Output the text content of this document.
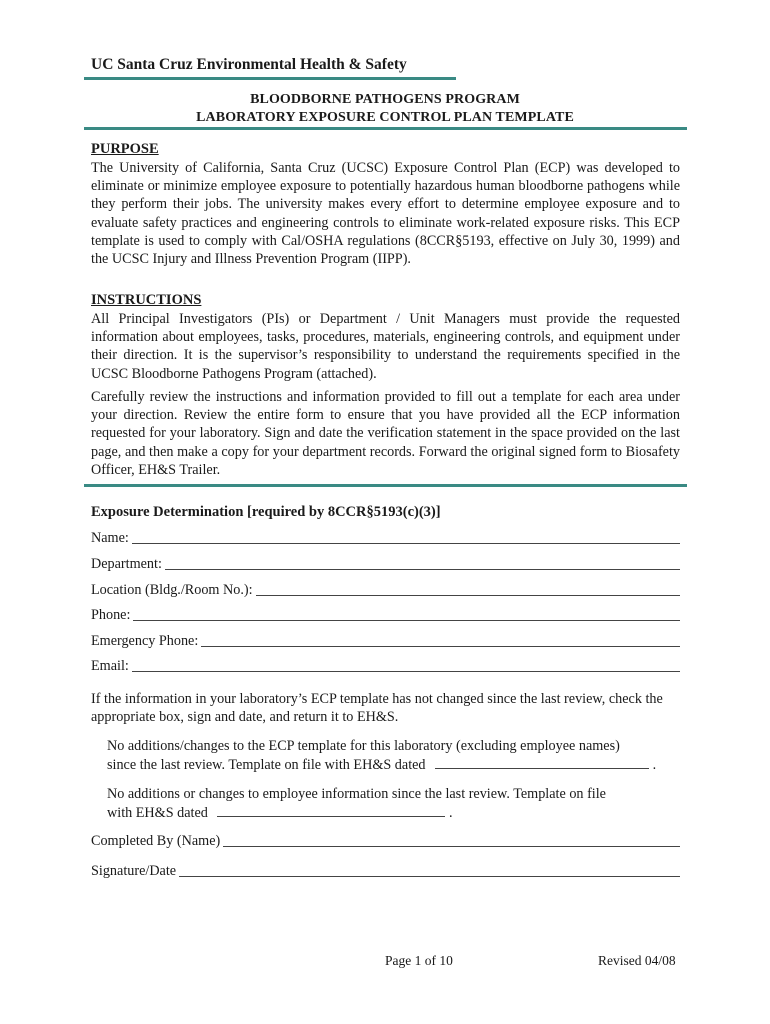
UC Santa Cruz Environmental Health & Safety
BLOODBORNE PATHOGENS PROGRAM
LABORATORY EXPOSURE CONTROL PLAN TEMPLATE
PURPOSE
The University of California, Santa Cruz (UCSC) Exposure Control Plan (ECP) was developed to eliminate or minimize employee exposure to potentially hazardous human bloodborne pathogens while they perform their jobs. The university makes every effort to determine employee exposure and to evaluate safety practices and engineering controls to eliminate work-related exposure risks. This ECP template is used to comply with Cal/OSHA regulations (8CCR§5193, effective on July 30, 1999) and the UCSC Injury and Illness Prevention Program (IIPP).
INSTRUCTIONS
All Principal Investigators (PIs) or Department / Unit Managers must provide the requested information about employees, tasks, procedures, materials, engineering controls, and equipment under their direction. It is the supervisor’s responsibility to understand the requirements specified in the UCSC Bloodborne Pathogens Program (attached).
Carefully review the instructions and information provided to fill out a template for each area under your direction. Review the entire form to ensure that you have provided all the ECP information requested for your laboratory. Sign and date the verification statement in the space provided on the last page, and then make a copy for your department records. Forward the original signed form to Biosafety Officer, EH&S Trailer.
Exposure Determination [required by 8CCR§5193(c)(3)]
Name:
Department:
Location (Bldg./Room No.):
Phone:
Emergency Phone:
Email:
If the information in your laboratory’s ECP template has not changed since the last review, check the appropriate box, sign and date, and return it to EH&S.
No additions/changes to the ECP template for this laboratory (excluding employee names)
since the last review. Template on file with EH&S dated	.
No additions or changes to employee information since the last review. Template on file
with EH&S dated	.
Completed By (Name)
Signature/Date
Page 1 of 10	Revised 04/08
